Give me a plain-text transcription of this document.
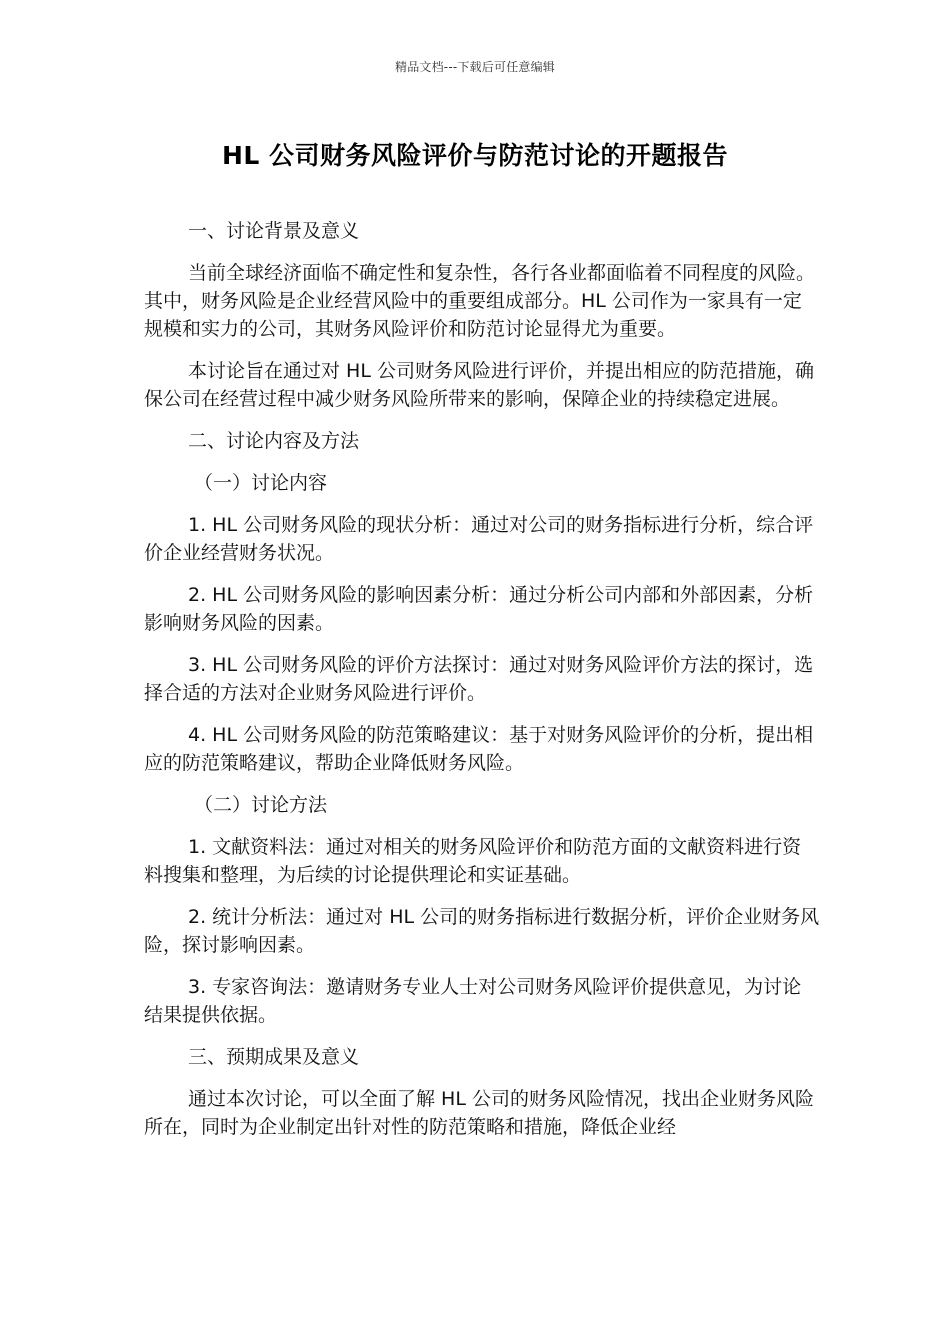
精品文档---下载后可任意编辑
HL 公司财务风险评价与防范讨论的开题报告

一、讨论背景及意义

当前全球经济面临不确定性和复杂性，各行各业都面临着不同程度的风险。其中，财务风险是企业经营风险中的重要组成部分。HL 公司作为一家具有一定规模和实力的公司，其财务风险评价和防范讨论显得尤为重要。

本讨论旨在通过对 HL 公司财务风险进行评价，并提出相应的防范措施，确保公司在经营过程中减少财务风险所带来的影响，保障企业的持续稳定进展。

二、讨论内容及方法

（一）讨论内容

1. HL 公司财务风险的现状分析：通过对公司的财务指标进行分析，综合评价企业经营财务状况。

2. HL 公司财务风险的影响因素分析：通过分析公司内部和外部因素，分析影响财务风险的因素。

3. HL 公司财务风险的评价方法探讨：通过对财务风险评价方法的探讨，选择合适的方法对企业财务风险进行评价。

4. HL 公司财务风险的防范策略建议：基于对财务风险评价的分析，提出相应的防范策略建议，帮助企业降低财务风险。

（二）讨论方法

1. 文献资料法：通过对相关的财务风险评价和防范方面的文献资料进行资料搜集和整理，为后续的讨论提供理论和实证基础。

2. 统计分析法：通过对 HL 公司的财务指标进行数据分析，评价企业财务风险，探讨影响因素。

3. 专家咨询法：邀请财务专业人士对公司财务风险评价提供意见，为讨论结果提供依据。

三、预期成果及意义

通过本次讨论，可以全面了解 HL 公司的财务风险情况，找出企业财务风险所在，同时为企业制定出针对性的防范策略和措施，降低企业经
